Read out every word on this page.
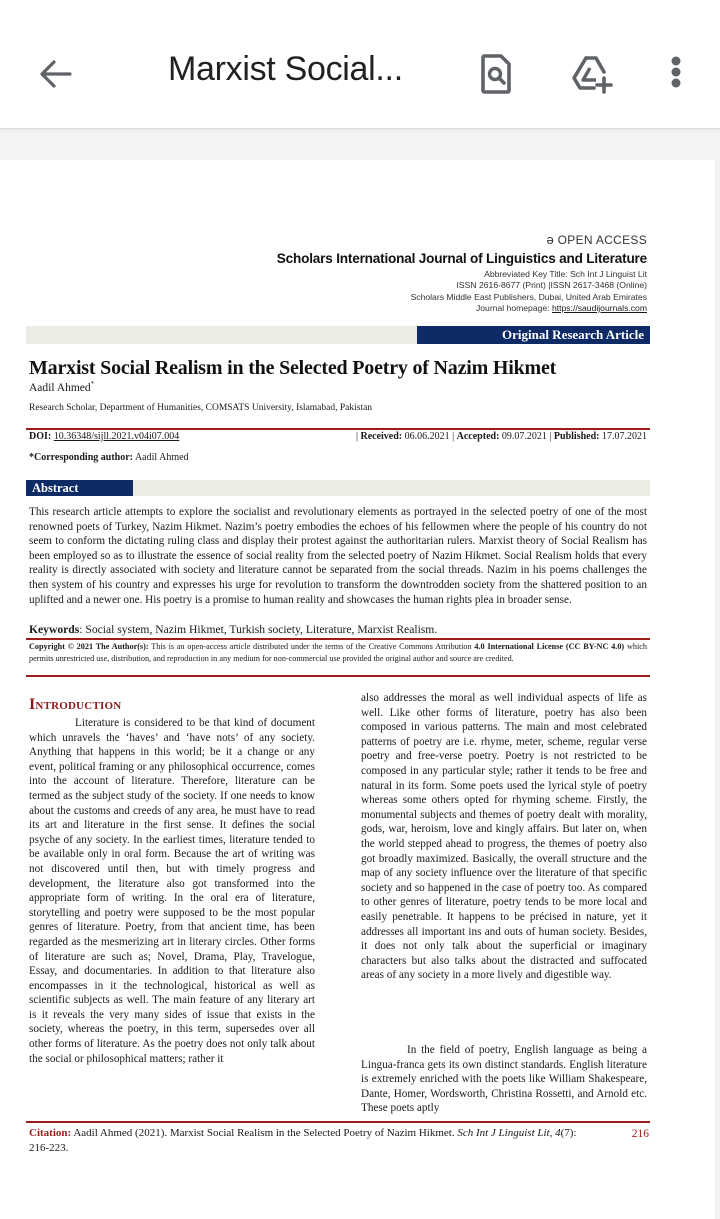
Marxist Social...
ə OPEN ACCESS
Scholars International Journal of Linguistics and Literature
Abbreviated Key Title: Sch Int J Linguist Lit
ISSN 2616-8677 (Print) |ISSN 2617-3468 (Online)
Scholars Middle East Publishers, Dubai, United Arab Emirates
Journal homepage: https://saudijournals.com
Original Research Article
Marxist Social Realism in the Selected Poetry of Nazim Hikmet
Aadil Ahmed*
Research Scholar, Department of Humanities, COMSATS University, Islamabad, Pakistan
DOI: 10.36348/sijll.2021.v04i07.004	| Received: 06.06.2021 | Accepted: 09.07.2021 | Published: 17.07.2021
*Corresponding author: Aadil Ahmed
Abstract
This research article attempts to explore the socialist and revolutionary elements as portrayed in the selected poetry of one of the most renowned poets of Turkey, Nazim Hikmet. Nazim’s poetry embodies the echoes of his fellowmen where the people of his country do not seem to conform the dictating ruling class and display their protest against the authoritarian rulers. Marxist theory of Social Realism has been employed so as to illustrate the essence of social reality from the selected poetry of Nazim Hikmet. Social Realism holds that every reality is directly associated with society and literature cannot be separated from the social threads. Nazim in his poems challenges the then system of his country and expresses his urge for revolution to transform the downtrodden society from the shattered position to an uplifted and a newer one. His poetry is a promise to human reality and showcases the human rights plea in broader sense.
Keywords: Social system, Nazim Hikmet, Turkish society, Literature, Marxist Realism.
Copyright © 2021 The Author(s): This is an open-access article distributed under the terms of the Creative Commons Attribution 4.0 International License (CC BY-NC 4.0) which permits unrestricted use, distribution, and reproduction in any medium for non-commercial use provided the original author and source are credited.
Introduction
Literature is considered to be that kind of document which unravels the ‘haves’ and ‘have nots’ of any society. Anything that happens in this world; be it a change or any event, political framing or any philosophical occurrence, comes into the account of literature. Therefore, literature can be termed as the subject study of the society. If one needs to know about the customs and creeds of any area, he must have to read its art and literature in the first sense. It defines the social psyche of any society. In the earliest times, literature tended to be available only in oral form. Because the art of writing was not discovered until then, but with timely progress and development, the literature also got transformed into the appropriate form of writing. In the oral era of literature, storytelling and poetry were supposed to be the most popular genres of literature. Poetry, from that ancient time, has been regarded as the mesmerizing art in literary circles. Other forms of literature are such as; Novel, Drama, Play, Travelogue, Essay, and documentaries. In addition to that literature also encompasses in it the technological, historical as well as scientific subjects as well. The main feature of any literary art is it reveals the very many sides of issue that exists in the society, whereas the poetry, in this term, supersedes over all other forms of literature. As the poetry does not only talk about the social or philosophical matters; rather it
also addresses the moral as well individual aspects of life as well. Like other forms of literature, poetry has also been composed in various patterns. The main and most celebrated patterns of poetry are i.e. rhyme, meter, scheme, regular verse poetry and free-verse poetry. Poetry is not restricted to be composed in any particular style; rather it tends to be free and natural in its form. Some poets used the lyrical style of poetry whereas some others opted for rhyming scheme. Firstly, the monumental subjects and themes of poetry dealt with morality, gods, war, heroism, love and kingly affairs. But later on, when the world stepped ahead to progress, the themes of poetry also got broadly maximized. Basically, the overall structure and the map of any society influence over the literature of that specific society and so happened in the case of poetry too. As compared to other genres of literature, poetry tends to be more local and easily penetrable. It happens to be précised in nature, yet it addresses all important ins and outs of human society. Besides, it does not only talk about the superficial or imaginary characters but also talks about the distracted and suffocated areas of any society in a more lively and digestible way.
In the field of poetry, English language as being a Lingua-franca gets its own distinct standards. English literature is extremely enriched with the poets like William Shakespeare, Dante, Homer, Wordsworth, Christina Rossetti, and Arnold etc. These poets aptly
Citation: Aadil Ahmed (2021). Marxist Social Realism in the Selected Poetry of Nazim Hikmet. Sch Int J Linguist Lit, 4(7): 216-223.
216
